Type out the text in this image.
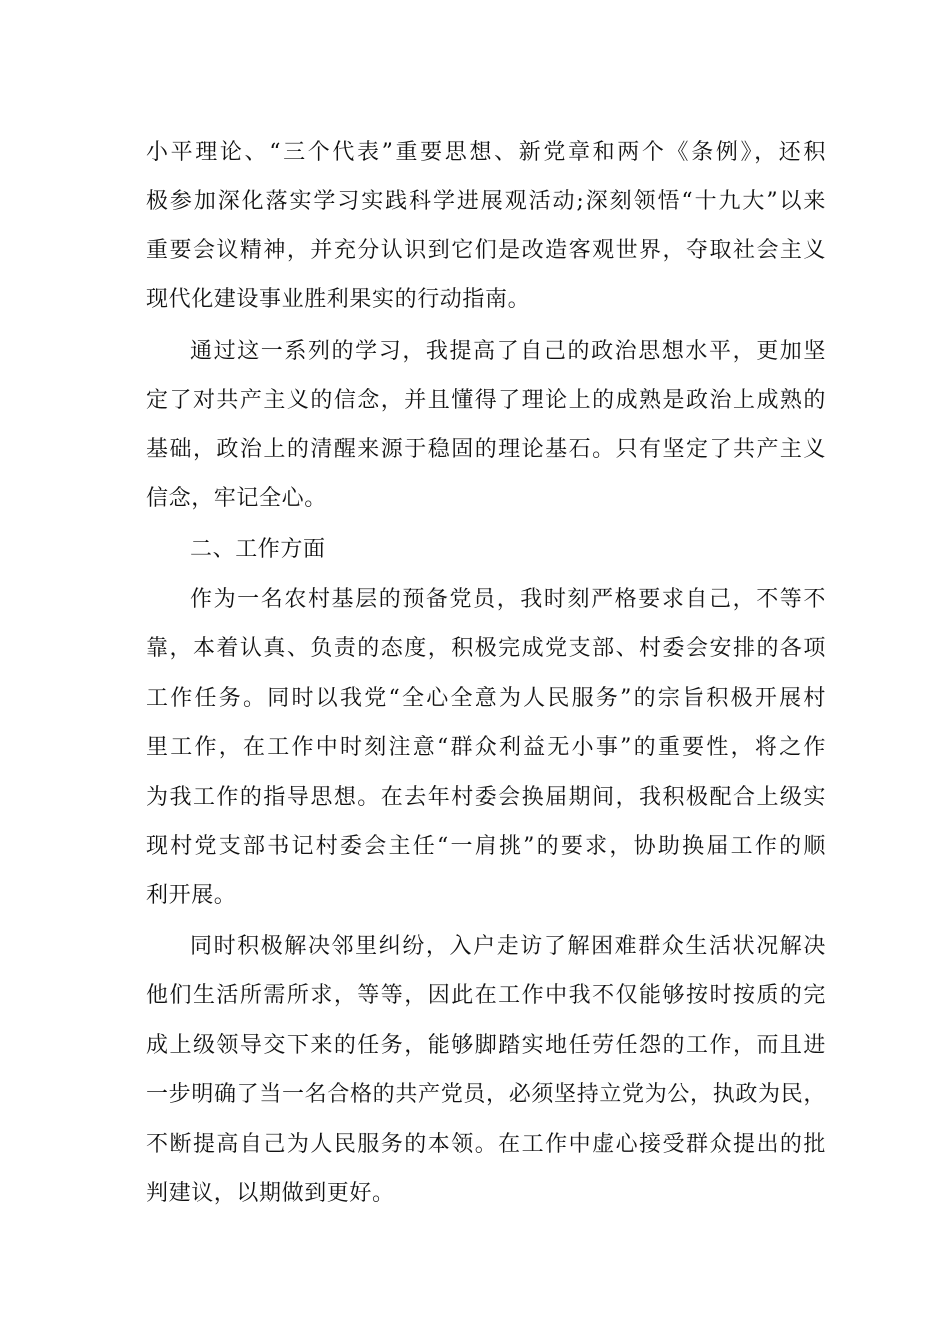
小平理论、“三个代表”重要思想、新党章和两个《条例》，还积
极参加深化落实学习实践科学进展观活动;深刻领悟“十九大”以来
重要会议精神，并充分认识到它们是改造客观世界，夺取社会主义
现代化建设事业胜利果实的行动指南。
通过这一系列的学习，我提高了自己的政治思想水平，更加坚
定了对共产主义的信念，并且懂得了理论上的成熟是政治上成熟的
基础，政治上的清醒来源于稳固的理论基石。只有坚定了共产主义
信念，牢记全心。
二、工作方面
作为一名农村基层的预备党员，我时刻严格要求自己，不等不
靠，本着认真、负责的态度，积极完成党支部、村委会安排的各项
工作任务。同时以我党“全心全意为人民服务”的宗旨积极开展村
里工作，在工作中时刻注意“群众利益无小事”的重要性，将之作
为我工作的指导思想。在去年村委会换届期间，我积极配合上级实
现村党支部书记村委会主任“一肩挑”的要求，协助换届工作的顺
利开展。
同时积极解决邻里纠纷，入户走访了解困难群众生活状况解决
他们生活所需所求，等等，因此在工作中我不仅能够按时按质的完
成上级领导交下来的任务，能够脚踏实地任劳任怨的工作，而且进
一步明确了当一名合格的共产党员，必须坚持立党为公，执政为民，
不断提高自己为人民服务的本领。在工作中虚心接受群众提出的批
判建议，以期做到更好。
